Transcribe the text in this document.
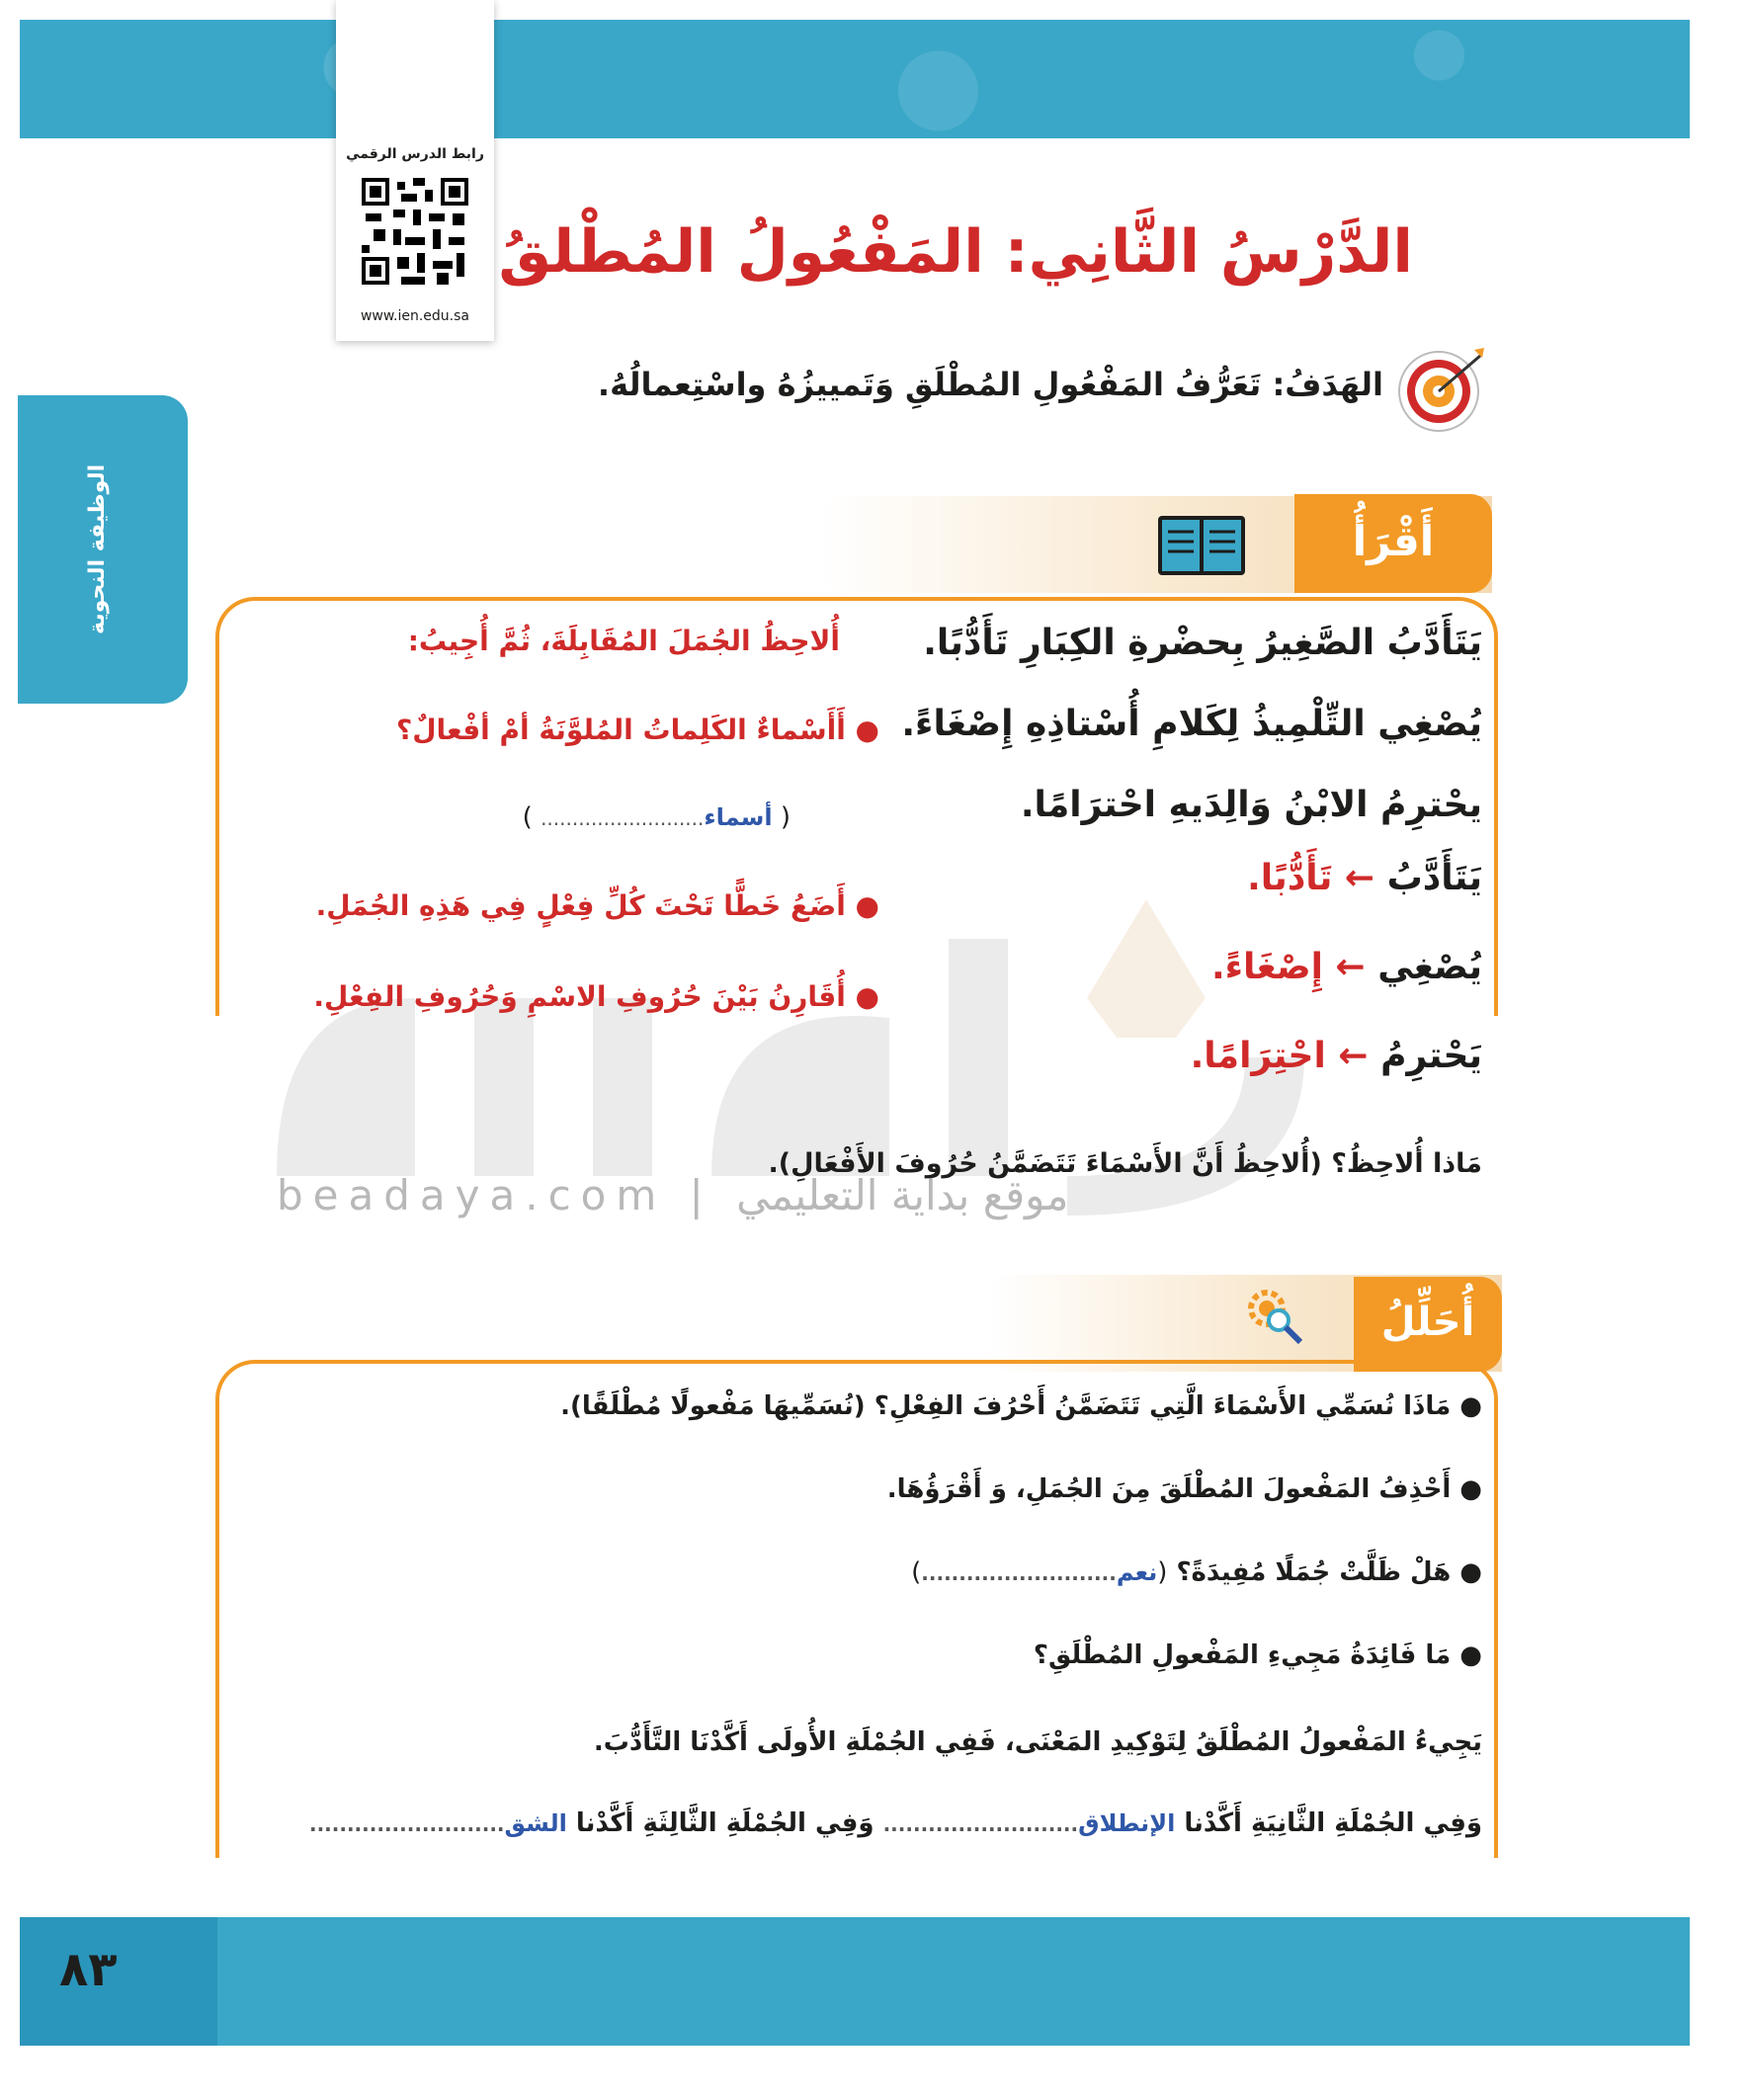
رابط الدرس الرقمي
www.ien.edu.sa
الدَّرْسُ الثَّانِي: المَفْعُولُ المُطْلقُ
الهَدَفُ: تَعَرُّفُ المَفْعُولِ المُطْلَقِ وَتَمييزُهُ واسْتِعمالُهُ.
الوظيفة النحوية
beadaya.com | موقع بداية التعليمي
أَقْرَأُ
يَتَأَدَّبُ الصَّغِيرُ بِحضْرةِ الكِبَارِ تَأَدُّبًا.
يُصْغِي التِّلْمِيذُ لِكَلامِ أُسْتاذِهِ إِصْغَاءً.
يحْترِمُ الابْنُ وَالِدَيهِ احْترَامًا.
يَتَأَدَّبُ ← تَأَدُّبًا.
يُصْغِي ← إِصْغَاءً.
يَحْترِمُ ← احْتِرَامًا.
أُلاحِظُ الجُمَلَ المُقَابِلَةَ، ثُمَّ أُجِيبُ:
● أَأَسْماءٌ الكَلِماتُ المُلوَّنَةُ أمْ أفْعالٌ؟
( أسماء.......................... )
● أَضَعُ خَطًّا تَحْتَ كُلِّ فِعْلٍ فِي هَذِهِ الجُمَلِ.
● أُقَارِنُ بَيْنَ حُرُوفِ الاسْمِ وَحُرُوفِ الفِعْلِ.
مَاذا أُلاحِظُ؟ (أُلاحِظُ أَنَّ الأَسْمَاءَ تَتَضَمَّنُ حُرُوفَ الأَفْعَالِ).
أُحَلِّلُ
● مَاذَا نُسَمِّي الأَسْمَاءَ الَّتِي تَتَضَمَّنُ أَحْرُفَ الفِعْلِ؟ (نُسَمِّيهَا مَفْعولًا مُطْلَقًا).
● أَحْذِفُ المَفْعولَ المُطْلَقَ مِنَ الجُمَلِ، وَ أَقْرَؤُهَا.
● هَلْ ظَلَّتْ جُمَلًا مُفِيدَةً؟ (نعم..........................)
● مَا فَائِدَةُ مَجِيءِ المَفْعولِ المُطْلَقِ؟
يَجِيءُ المَفْعولُ المُطْلَقُ لِتَوْكِيدِ المَعْنَى، فَفِي الجُمْلَةِ الأُولَى أَكَّدْنَا التَّأَدُّبَ.
وَفِي الجُمْلَةِ الثَّانِيَةِ أَكَّدْنا الإنطلاق.......................... وَفِي الجُمْلَةِ الثَّالِثَةِ أَكَّدْنا الشق..........................
٨٣
